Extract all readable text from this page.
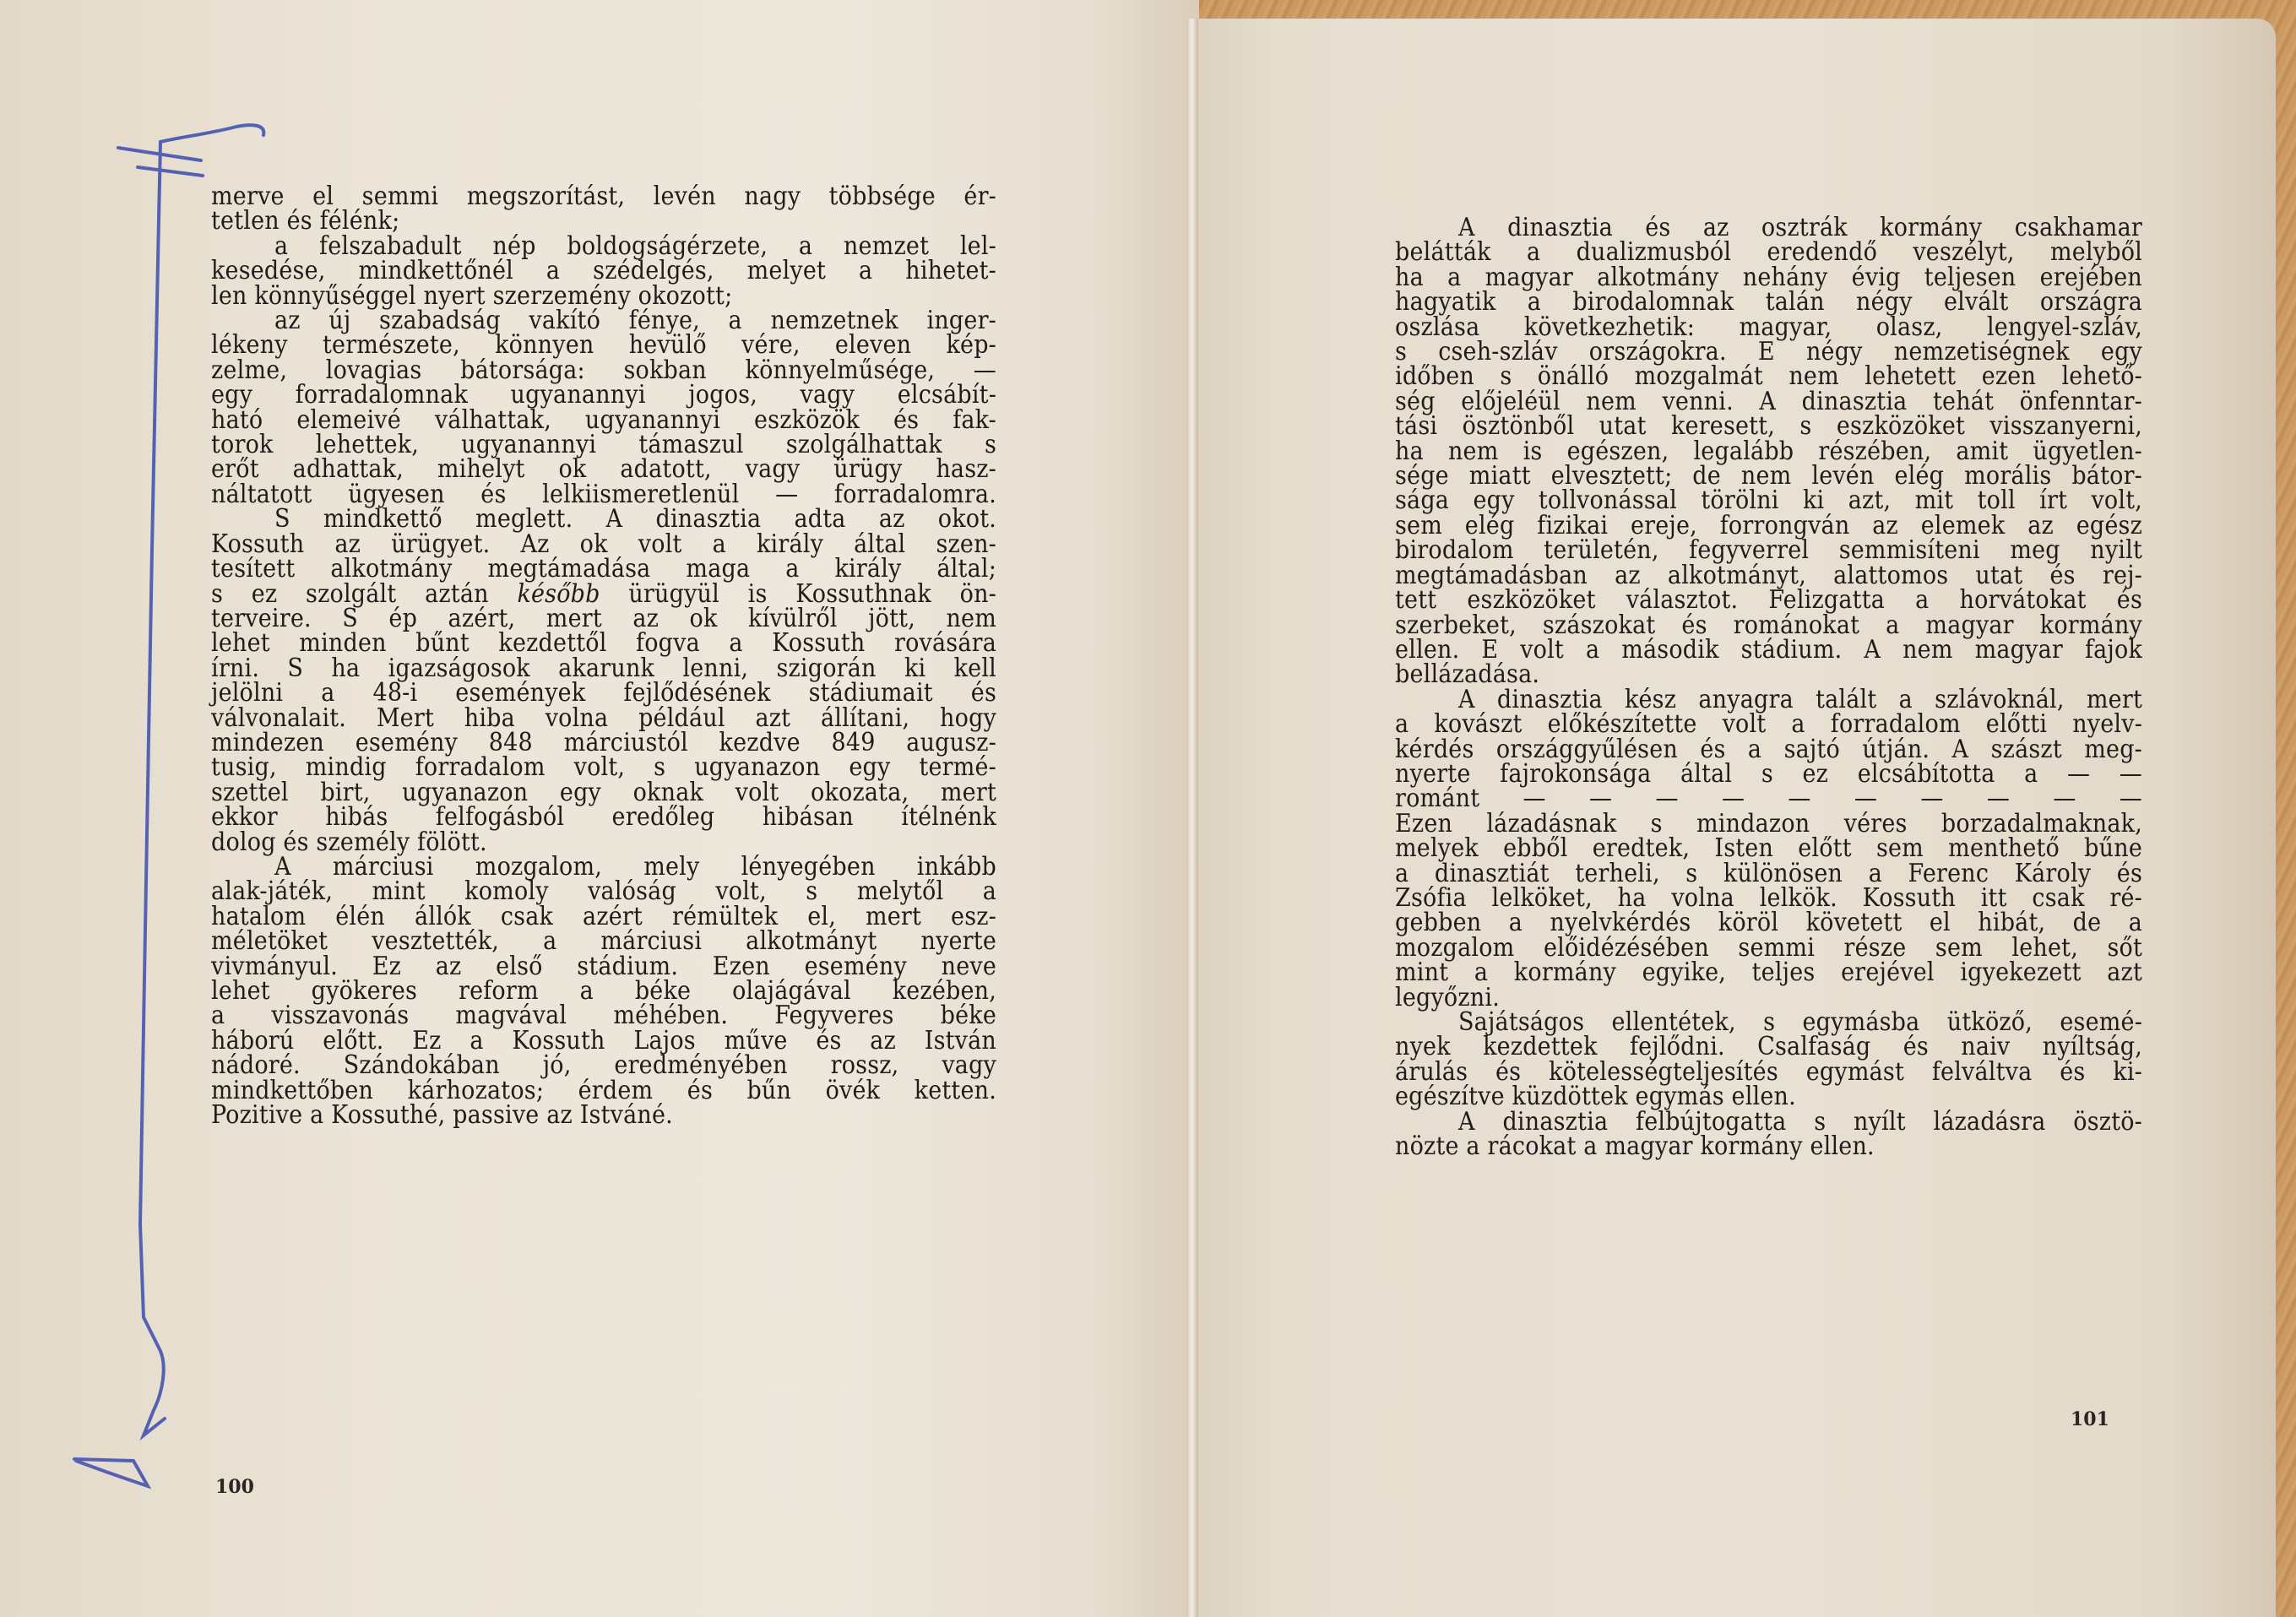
merve el semmi megszorítást, levén nagy többsége ér-
tetlen és félénk;
a felszabadult nép boldogságérzete, a nemzet lel-
kesedése, mindkettőnél a szédelgés, melyet a hihetet-
len könnyűséggel nyert szerzemény okozott;
az új szabadság vakító fénye, a nemzetnek inger-
lékeny természete, könnyen hevülő vére, eleven kép-
zelme, lovagias bátorsága: sokban könnyelműsége, —
egy forradalomnak ugyanannyi jogos, vagy elcsábít-
ható elemeivé válhattak, ugyanannyi eszközök és fak-
torok lehettek, ugyanannyi támaszul szolgálhattak s
erőt adhattak, mihelyt ok adatott, vagy ürügy hasz-
náltatott ügyesen és lelkiismeretlenül — forradalomra.
S mindkettő meglett. A dinasztia adta az okot.
Kossuth az ürügyet. Az ok volt a király által szen-
tesített alkotmány megtámadása maga a király által;
s ez szolgált aztán később ürügyül is Kossuthnak ön-
terveire. S ép azért, mert az ok kívülről jött, nem
lehet minden bűnt kezdettől fogva a Kossuth rovására
írni. S ha igazságosok akarunk lenni, szigorán ki kell
jelölni a 48-i események fejlődésének stádiumait és
válvonalait. Mert hiba volna például azt állítani, hogy
mindezen esemény 848 márciustól kezdve 849 augusz-
tusig, mindig forradalom volt, s ugyanazon egy termé-
szettel birt, ugyanazon egy oknak volt okozata, mert
ekkor hibás felfogásból eredőleg hibásan ítélnénk
dolog és személy fölött.
A márciusi mozgalom, mely lényegében inkább
alak-játék, mint komoly valóság volt, s melytől a
hatalom élén állók csak azért rémültek el, mert esz-
méletöket vesztették, a márciusi alkotmányt nyerte
vivmányul. Ez az első stádium. Ezen esemény neve
lehet gyökeres reform a béke olajágával kezében,
a visszavonás magvával méhében. Fegyveres béke
háború előtt. Ez a Kossuth Lajos műve és az István
nádoré. Szándokában jó, eredményében rossz, vagy
mindkettőben kárhozatos; érdem és bűn övék ketten.
Pozitive a Kossuthé, passive az Istváné.
100
A dinasztia és az osztrák kormány csakhamar
belátták a dualizmusból eredendő veszélyt, melyből
ha a magyar alkotmány nehány évig teljesen erejében
hagyatik a birodalomnak talán négy elvált országra
oszlása következhetik: magyar, olasz, lengyel-szláv,
s cseh-szláv országokra. E négy nemzetiségnek egy
időben s önálló mozgalmát nem lehetett ezen lehető-
ség előjeléül nem venni. A dinasztia tehát önfenntar-
tási ösztönből utat keresett, s eszközöket visszanyerni,
ha nem is egészen, legalább részében, amit ügyetlen-
sége miatt elvesztett; de nem levén elég morális bátor-
sága egy tollvonással törölni ki azt, mit toll írt volt,
sem elég fizikai ereje, forrongván az elemek az egész
birodalom területén, fegyverrel semmisíteni meg nyilt
megtámadásban az alkotmányt, alattomos utat és rej-
tett eszközöket választot. Felizgatta a horvátokat és
szerbeket, szászokat és románokat a magyar kormány
ellen. E volt a második stádium. A nem magyar fajok
bellázadása.
A dinasztia kész anyagra talált a szlávoknál, mert
a kovászt előkészítette volt a forradalom előtti nyelv-
kérdés országgyűlésen és a sajtó útján. A szászt meg-
nyerte fajrokonsága által s ez elcsábította a — —
románt — — — — — — — — — —
Ezen lázadásnak s mindazon véres borzadalmaknak,
melyek ebből eredtek, Isten előtt sem menthető bűne
a dinasztiát terheli, s különösen a Ferenc Károly és
Zsófia lelköket, ha volna lelkök. Kossuth itt csak ré-
gebben a nyelvkérdés köröl követett el hibát, de a
mozgalom előidézésében semmi része sem lehet, sőt
mint a kormány egyike, teljes erejével igyekezett azt
legyőzni.
Sajátságos ellentétek, s egymásba ütköző, esemé-
nyek kezdettek fejlődni. Csalfaság és naiv nyíltság,
árulás és kötelességteljesítés egymást felváltva és ki-
egészítve küzdöttek egymás ellen.
A dinasztia felbújtogatta s nyílt lázadásra ösztö-
nözte a rácokat a magyar kormány ellen.
101
